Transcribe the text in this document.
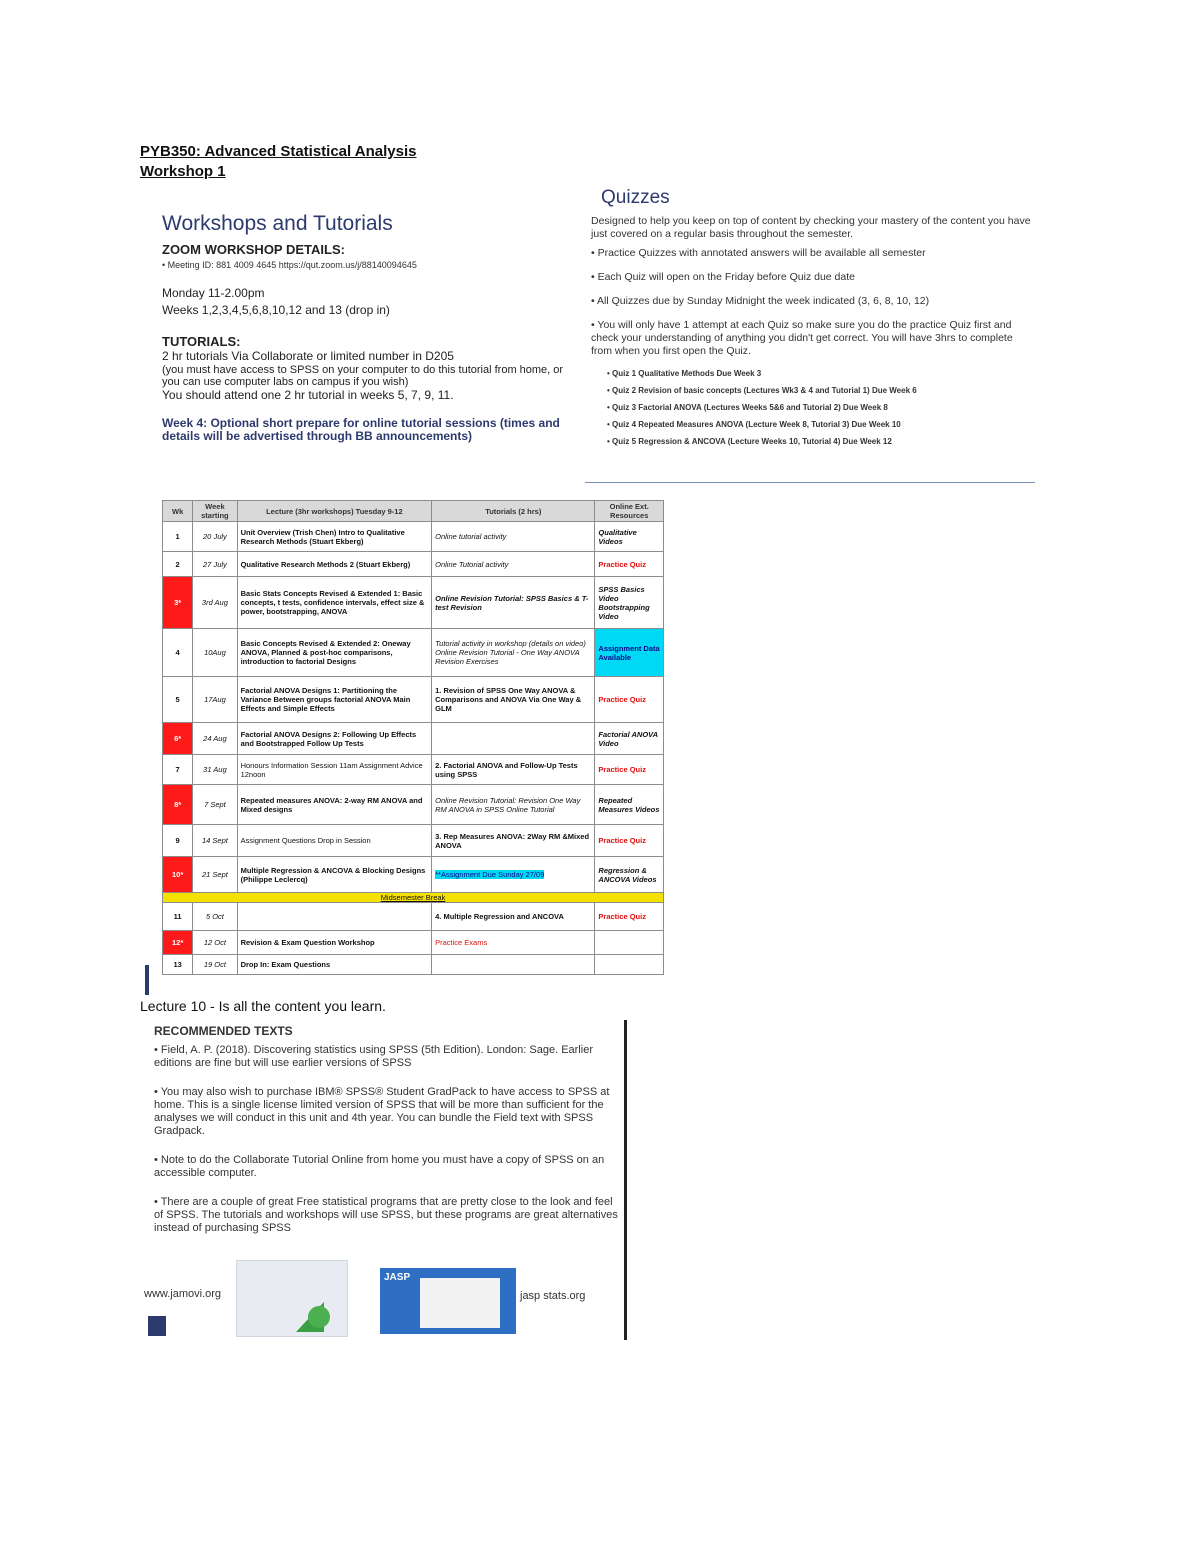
PYB350: Advanced Statistical Analysis
Workshop 1
Workshops and Tutorials
ZOOM WORKSHOP DETAILS:
• Meeting ID: 881 4009 4645 https://qut.zoom.us/j/88140094645
Monday 11-2.00pm
Weeks 1,2,3,4,5,6,8,10,12 and 13 (drop in)
TUTORIALS:
2 hr tutorials Via Collaborate or limited number in D205
(you must have access to SPSS on your computer to do this tutorial from home, or you can use computer labs on campus if you wish)
You should attend one 2 hr tutorial in weeks 5, 7, 9, 11.
Week 4: Optional short prepare for online tutorial sessions (times and details will be advertised through BB announcements)
Quizzes
Designed to help you keep on top of content by checking your mastery of the content you have just covered on a regular basis throughout the semester.
• Practice Quizzes with annotated answers will be available all semester
• Each Quiz will open on the Friday before Quiz due date
• All Quizzes due by Sunday Midnight the week indicated (3, 6, 8, 10, 12)
• You will only have 1 attempt at each Quiz so make sure you do the practice Quiz first and check your understanding of anything you didn't get correct. You will have 3hrs to complete from when you first open the Quiz.
• Quiz 1 Qualitative Methods Due Week 3
• Quiz 2 Revision of basic concepts (Lectures Wk3 & 4 and Tutorial 1) Due Week 6
• Quiz 3 Factorial ANOVA (Lectures Weeks 5&6 and Tutorial 2) Due Week 8
• Quiz 4 Repeated Measures ANOVA (Lecture Week 8, Tutorial 3) Due Week 10
• Quiz 5 Regression & ANCOVA (Lecture Weeks 10, Tutorial 4) Due Week 12
Wk	Week starting	Lecture (3hr workshops) Tuesday 9-12	Tutorials (2 hrs)	Online Ext. Resources
1	20 July	Unit Overview (Trish Chen) Intro to Qualitative Research Methods (Stuart Ekberg)	Online tutorial activity	Qualitative Videos
2	27 July	Qualitative Research Methods 2 (Stuart Ekberg)	Online Tutorial activity	Practice Quiz
3*	3rd Aug	Basic Stats Concepts Revised & Extended 1: Basic concepts, t tests, confidence intervals, effect size & power, bootstrapping, ANOVA	Online Revision Tutorial: SPSS Basics & T-test Revision	SPSS Basics Video Bootstrapping Video
4	10Aug	Basic Concepts Revised & Extended 2: Oneway ANOVA, Planned & post-hoc comparisons, introduction to factorial Designs	Tutorial activity in workshop (details on video) Online Revision Tutorial - One Way ANOVA Revision Exercises	Assignment Data Available
5	17Aug	Factorial ANOVA Designs 1: Partitioning the Variance Between groups factorial ANOVA Main Effects and Simple Effects	1. Revision of SPSS One Way ANOVA & Comparisons and ANOVA Via One Way & GLM	Practice Quiz
6*	24 Aug	Factorial ANOVA Designs 2: Following Up Effects and Bootstrapped Follow Up Tests		Factorial ANOVA Video
7	31 Aug	Honours Information Session 11am Assignment Advice 12noon	2. Factorial ANOVA and Follow-Up Tests using SPSS	Practice Quiz
8*	7 Sept	Repeated measures ANOVA: 2-way RM ANOVA and Mixed designs	Online Revision Tutorial: Revision One Way RM ANOVA in SPSS Online Tutorial	Repeated Measures Videos
9	14 Sept	Assignment Questions Drop in Session	3. Rep Measures ANOVA: 2Way RM &Mixed ANOVA	Practice Quiz
10*	21 Sept	Multiple Regression & ANCOVA & Blocking Designs (Philippe Leclercq)	**Assignment Due Sunday 27/09	Regression & ANCOVA Videos
Midsemester Break				
11	5 Oct		4. Multiple Regression and ANCOVA	Practice Quiz
12*	12 Oct	Revision & Exam Question Workshop	Practice Exams	
13	19 Oct	Drop In: Exam Questions		
Lecture 10 - Is all the content you learn.
RECOMMENDED TEXTS
• Field, A. P. (2018). Discovering statistics using SPSS (5th Edition). London: Sage. Earlier editions are fine but will use earlier versions of SPSS
• You may also wish to purchase IBM® SPSS® Student GradPack to have access to SPSS at home. This is a single license limited version of SPSS that will be more than sufficient for the analyses we will conduct in this unit and 4th year. You can bundle the Field text with SPSS Gradpack.
• Note to do the Collaborate Tutorial Online from home you must have a copy of SPSS on an accessible computer.
• There are a couple of great Free statistical programs that are pretty close to the look and feel of SPSS. The tutorials and workshops will use SPSS, but these programs are great alternatives instead of purchasing SPSS
JASP
www.jamovi.org	jasp stats.org
